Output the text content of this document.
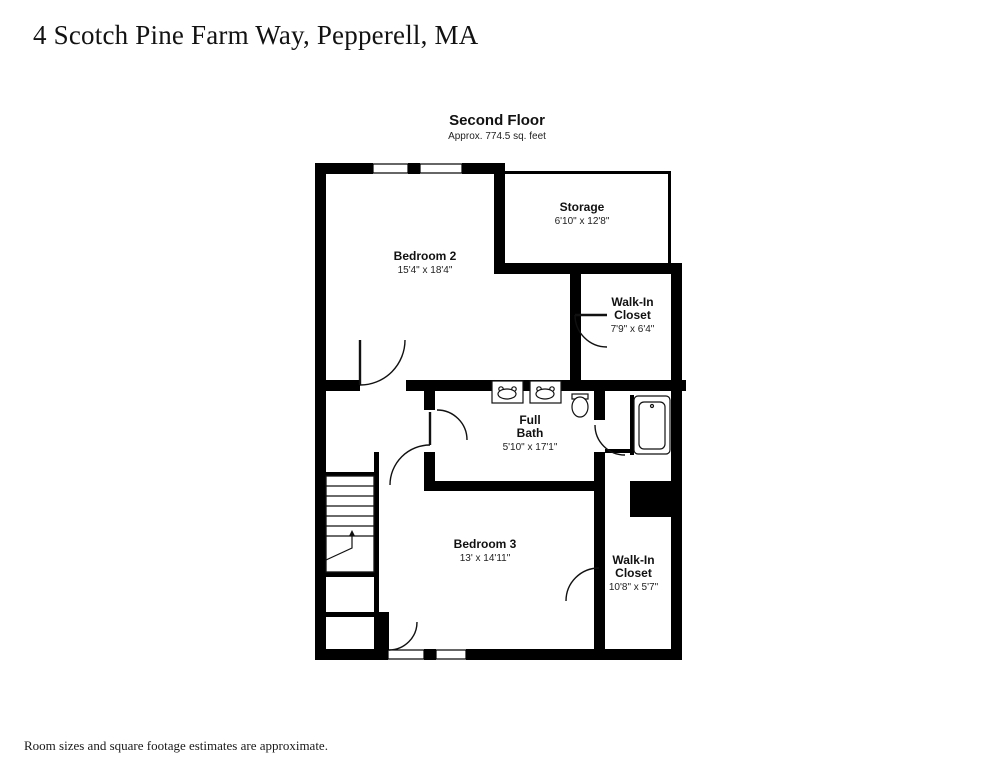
4 Scotch Pine Farm Way, Pepperell, MA
Second Floor
Approx. 774.5 sq. feet
Bedroom 2
15'4" x 18'4"
Storage
6'10" x 12'8"
Walk-In
Closet
7'9" x 6'4"
Full
Bath
5'10" x 17'1"
Bedroom 3
13' x 14'11"	Walk-In
Closet
10'8" x 5'7"
Room sizes and square footage estimates are approximate.
